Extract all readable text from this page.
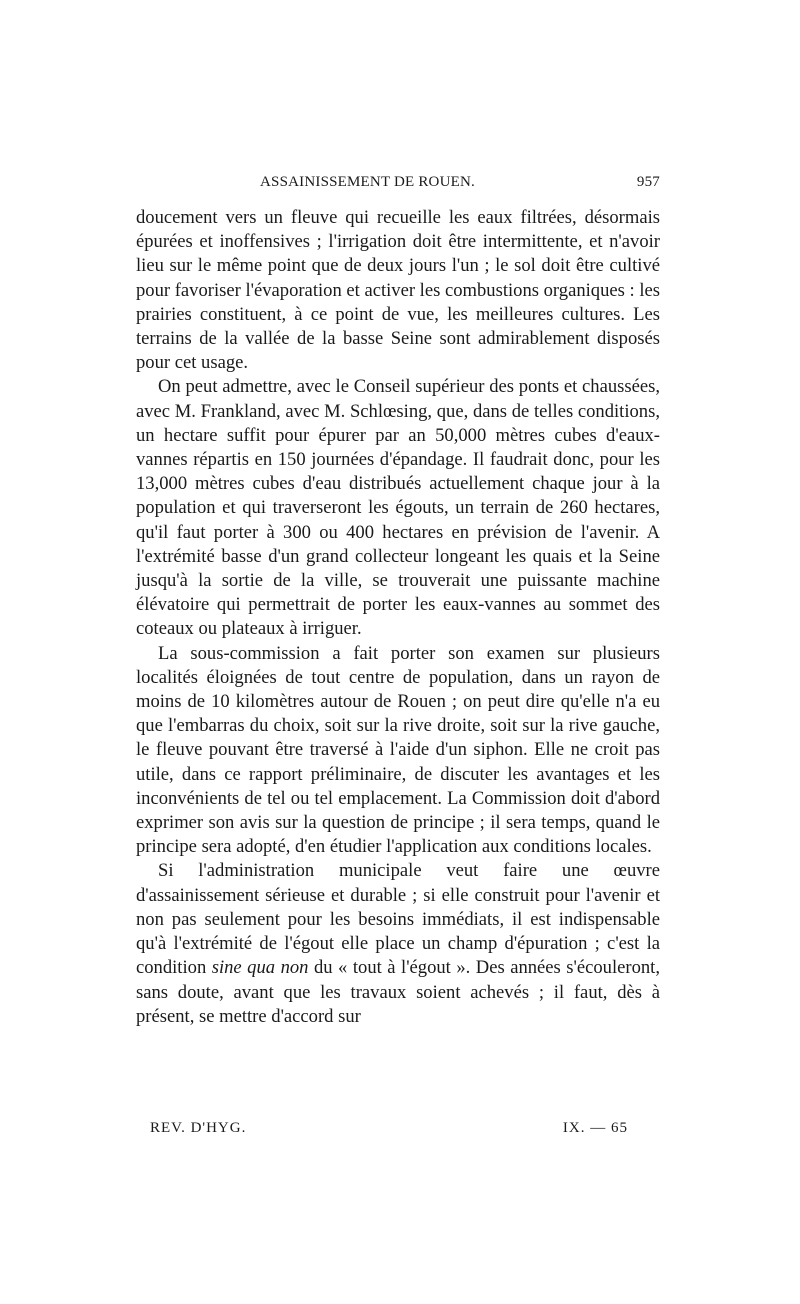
ASSAINISSEMENT DE ROUEN.	957

doucement vers un fleuve qui recueille les eaux filtrées, désormais épurées et inoffensives ; l'irrigation doit être intermittente, et n'avoir lieu sur le même point que de deux jours l'un ; le sol doit être cultivé pour favoriser l'évaporation et activer les combustions organiques : les prairies constituent, à ce point de vue, les meilleures cultures. Les terrains de la vallée de la basse Seine sont admirablement disposés pour cet usage.

On peut admettre, avec le Conseil supérieur des ponts et chaussées, avec M. Frankland, avec M. Schlœsing, que, dans de telles conditions, un hectare suffit pour épurer par an 50,000 mètres cubes d'eaux-vannes répartis en 150 journées d'épandage. Il faudrait donc, pour les 13,000 mètres cubes d'eau distribués actuellement chaque jour à la population et qui traverseront les égouts, un terrain de 260 hectares, qu'il faut porter à 300 ou 400 hectares en prévision de l'avenir. A l'extrémité basse d'un grand collecteur longeant les quais et la Seine jusqu'à la sortie de la ville, se trouverait une puissante machine élévatoire qui permettrait de porter les eaux-vannes au sommet des coteaux ou plateaux à irriguer.

La sous-commission a fait porter son examen sur plusieurs localités éloignées de tout centre de population, dans un rayon de moins de 10 kilomètres autour de Rouen ; on peut dire qu'elle n'a eu que l'embarras du choix, soit sur la rive droite, soit sur la rive gauche, le fleuve pouvant être traversé à l'aide d'un siphon. Elle ne croit pas utile, dans ce rapport préliminaire, de discuter les avantages et les inconvénients de tel ou tel emplacement. La Commission doit d'abord exprimer son avis sur la question de principe ; il sera temps, quand le principe sera adopté, d'en étudier l'application aux conditions locales.

Si l'administration municipale veut faire une œuvre d'assainissement sérieuse et durable ; si elle construit pour l'avenir et non pas seulement pour les besoins immédiats, il est indispensable qu'à l'extrémité de l'égout elle place un champ d'épuration ; c'est la condition sine qua non du « tout à l'égout ». Des années s'écouleront, sans doute, avant que les travaux soient achevés ; il faut, dès à présent, se mettre d'accord sur

REV. D'HYG.	IX. — 65
